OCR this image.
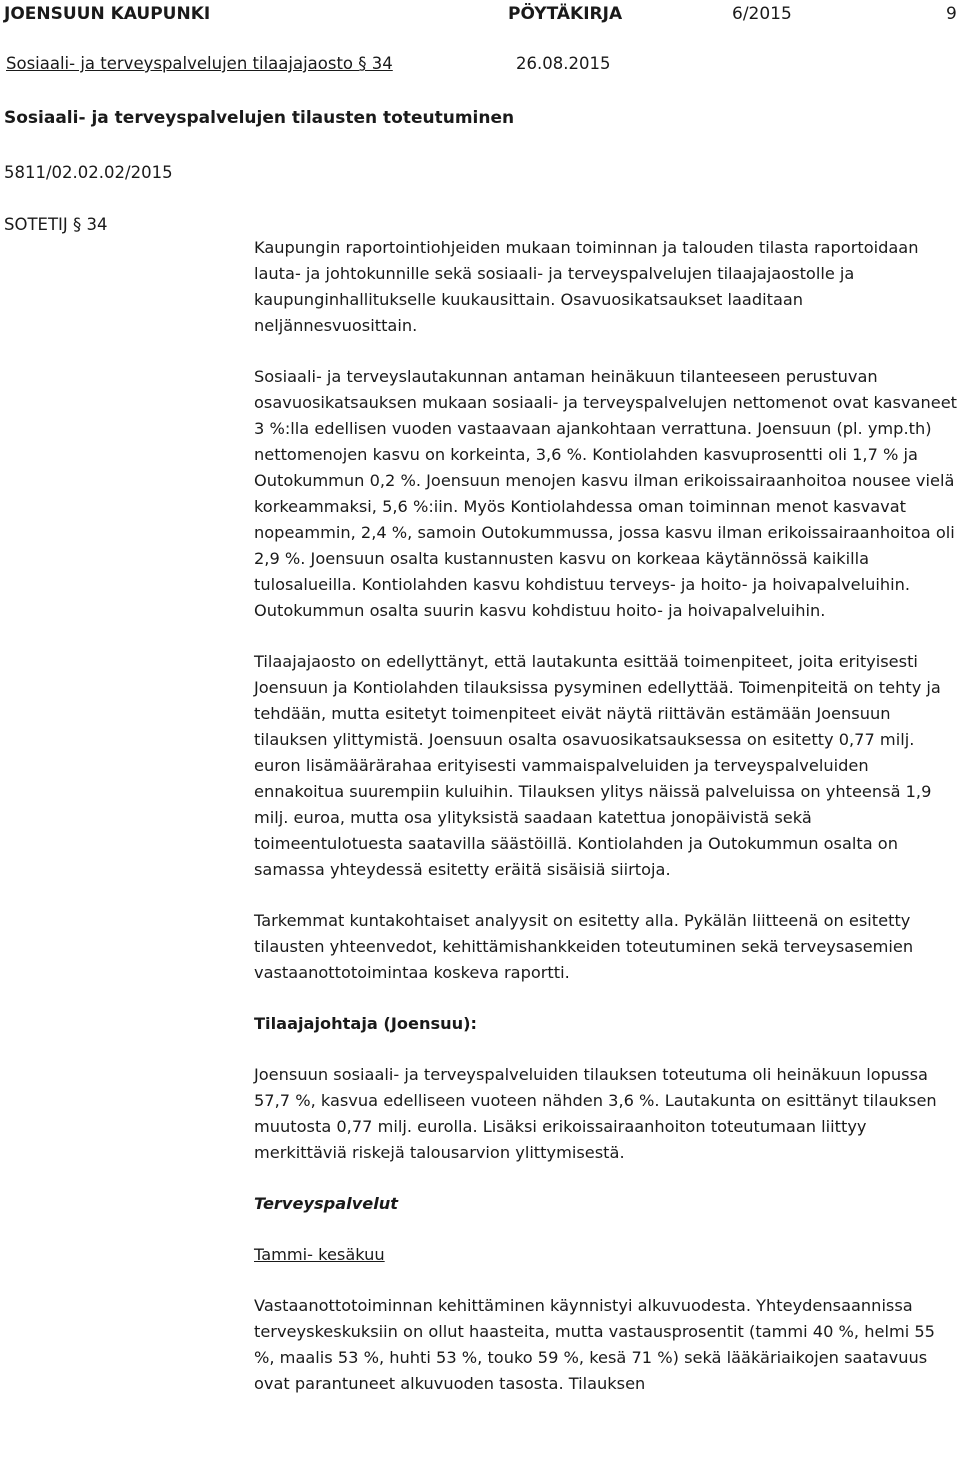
JOENSUUN KAUPUNKI	PÖYTÄKIRJA	6/2015	9
Sosiaali- ja terveyspalvelujen tilaajajaosto § 34	26.08.2015
Sosiaali- ja terveyspalvelujen tilausten toteutuminen
5811/02.02.02/2015
SOTETIJ § 34

Kaupungin raportointiohjeiden mukaan toiminnan ja talouden tilasta raportoidaan lauta- ja johtokunnille sekä sosiaali- ja terveyspalvelujen tilaajajaostolle ja kaupunginhallitukselle kuukausittain. Osavuosikatsaukset laaditaan neljännesvuosittain.

Sosiaali- ja terveyslautakunnan antaman heinäkuun tilanteeseen perustuvan osavuosikatsauksen mukaan sosiaali- ja terveyspalvelujen nettomenot ovat kasvaneet 3 %:lla edellisen vuoden vastaavaan ajankohtaan verrattuna. Joensuun (pl. ymp.th) nettomenojen kasvu on korkeinta, 3,6 %. Kontiolahden kasvuprosentti oli 1,7 % ja Outokummun 0,2 %. Joensuun menojen kasvu ilman erikoissairaanhoitoa nousee vielä korkeammaksi, 5,6 %:iin. Myös Kontiolahdessa oman toiminnan menot kasvavat nopeammin, 2,4 %, samoin Outokummussa, jossa kasvu ilman erikoissairaanhoitoa oli 2,9 %. Joensuun osalta kustannusten kasvu on korkeaa käytännössä kaikilla tulosalueilla. Kontiolahden kasvu kohdistuu terveys- ja hoito- ja hoivapalveluihin. Outokummun osalta suurin kasvu kohdistuu hoito- ja hoivapalveluihin.

Tilaajajaosto on edellyttänyt, että lautakunta esittää toimenpiteet, joita erityisesti Joensuun ja Kontiolahden tilauksissa pysyminen edellyttää. Toimenpiteitä on tehty ja tehdään, mutta esitetyt toimenpiteet eivät näytä riittävän estämään Joensuun tilauksen ylittymistä. Joensuun osalta osavuosikatsauksessa on esitetty 0,77 milj. euron lisämäärärahaa erityisesti vammaispalveluiden ja terveyspalveluiden ennakoitua suurempiin kuluihin. Tilauksen ylitys näissä palveluissa on yhteensä 1,9 milj. euroa, mutta osa ylityksistä saadaan katettua jonopäivistä sekä toimeentulotuesta saatavilla säästöillä. Kontiolahden ja Outokummun osalta on samassa yhteydessä esitetty eräitä sisäisiä siirtoja.

Tarkemmat kuntakohtaiset analyysit on esitetty alla. Pykälän liitteenä on esitetty tilausten yhteenvedot, kehittämishankkeiden toteutuminen sekä terveysasemien vastaanottotoimintaa koskeva raportti.

Tilaajajohtaja (Joensuu):

Joensuun sosiaali- ja terveyspalveluiden tilauksen toteutuma oli heinäkuun lopussa 57,7 %, kasvua edelliseen vuoteen nähden 3,6 %. Lautakunta on esittänyt tilauksen muutosta 0,77 milj. eurolla. Lisäksi erikoissairaanhoiton toteutumaan liittyy merkittäviä riskejä talousarvion ylittymisestä.

Terveyspalvelut

Tammi- kesäkuu

Vastaanottotoiminnan kehittäminen käynnistyi alkuvuodesta. Yhteydensaannissa terveyskeskuksiin on ollut haasteita, mutta vastausprosentit (tammi 40 %, helmi 55 %, maalis 53 %, huhti 53 %, touko 59 %, kesä 71 %) sekä lääkäriaikojen saatavuus ovat parantuneet alkuvuoden tasosta. Tilauksen
